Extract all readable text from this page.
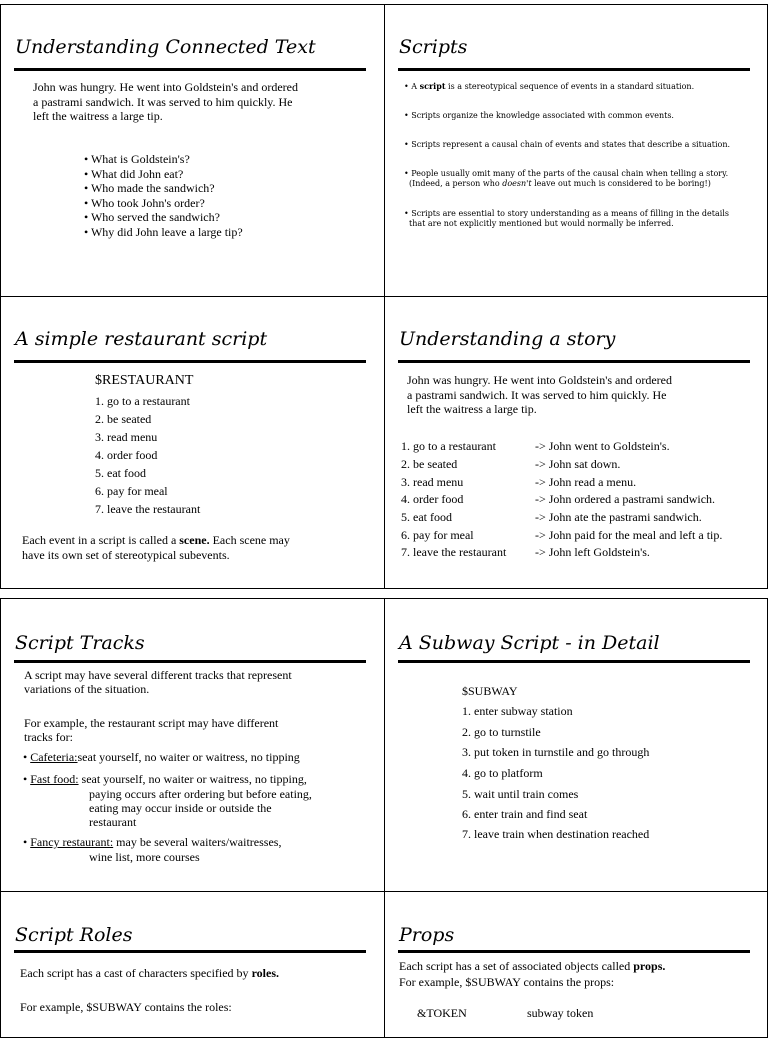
Understanding Connected Text
John was hungry. He went into Goldstein's and ordered
a pastrami sandwich. It was served to him quickly. He
left the waitress a large tip.
• What is Goldstein's?
• What did John eat?
• Who made the sandwich?
• Who took John's order?
• Who served the sandwich?
• Why did John leave a large tip?
Scripts
• A script is a stereotypical sequence of events in a standard situation.
• Scripts organize the knowledge associated with common events.
• Scripts represent a causal chain of events and states that describe a situation.
• People usually omit many of the parts of the causal chain when telling a story.
(Indeed, a person who doesn't leave out much is considered to be boring!)
• Scripts are essential to story understanding as a means of filling in the details
that are not explicitly mentioned but would normally be inferred.
A simple restaurant script
$RESTAURANT
1. go to a restaurant
2. be seated
3. read menu
4. order food
5. eat food
6. pay for meal
7. leave the restaurant
Each event in a script is called a scene. Each scene may
have its own set of stereotypical subevents.
Understanding a story
John was hungry. He went into Goldstein's and ordered
a pastrami sandwich. It was served to him quickly. He
left the waitress a large tip.
1. go to a restaurant
2. be seated
3. read menu
4. order food
5. eat food
6. pay for meal
7. leave the restaurant
-> John went to Goldstein's.
-> John sat down.
-> John read a menu.
-> John ordered a pastrami sandwich.
-> John ate the pastrami sandwich.
-> John paid for the meal and left a tip.
-> John left Goldstein's.
Script Tracks
A script may have several different tracks that represent
variations of the situation.
For example, the restaurant script may have different
tracks for:
• Cafeteria:seat yourself, no waiter or waitress, no tipping
• Fast food: seat yourself, no waiter or waitress, no tipping,
paying occurs after ordering but before eating,
eating may occur inside or outside the
restaurant
• Fancy restaurant: may be several waiters/waitresses,
wine list, more courses
A Subway Script - in Detail
$SUBWAY
1. enter subway station
2. go to turnstile
3. put token in turnstile and go through
4. go to platform
5. wait until train comes
6. enter train and find seat
7. leave train when destination reached
Script Roles
Each script has a cast of characters specified by roles.
For example, $SUBWAY contains the roles:
Props
Each script has a set of associated objects called props.
For example, $SUBWAY contains the props:
&TOKEN	subway token
